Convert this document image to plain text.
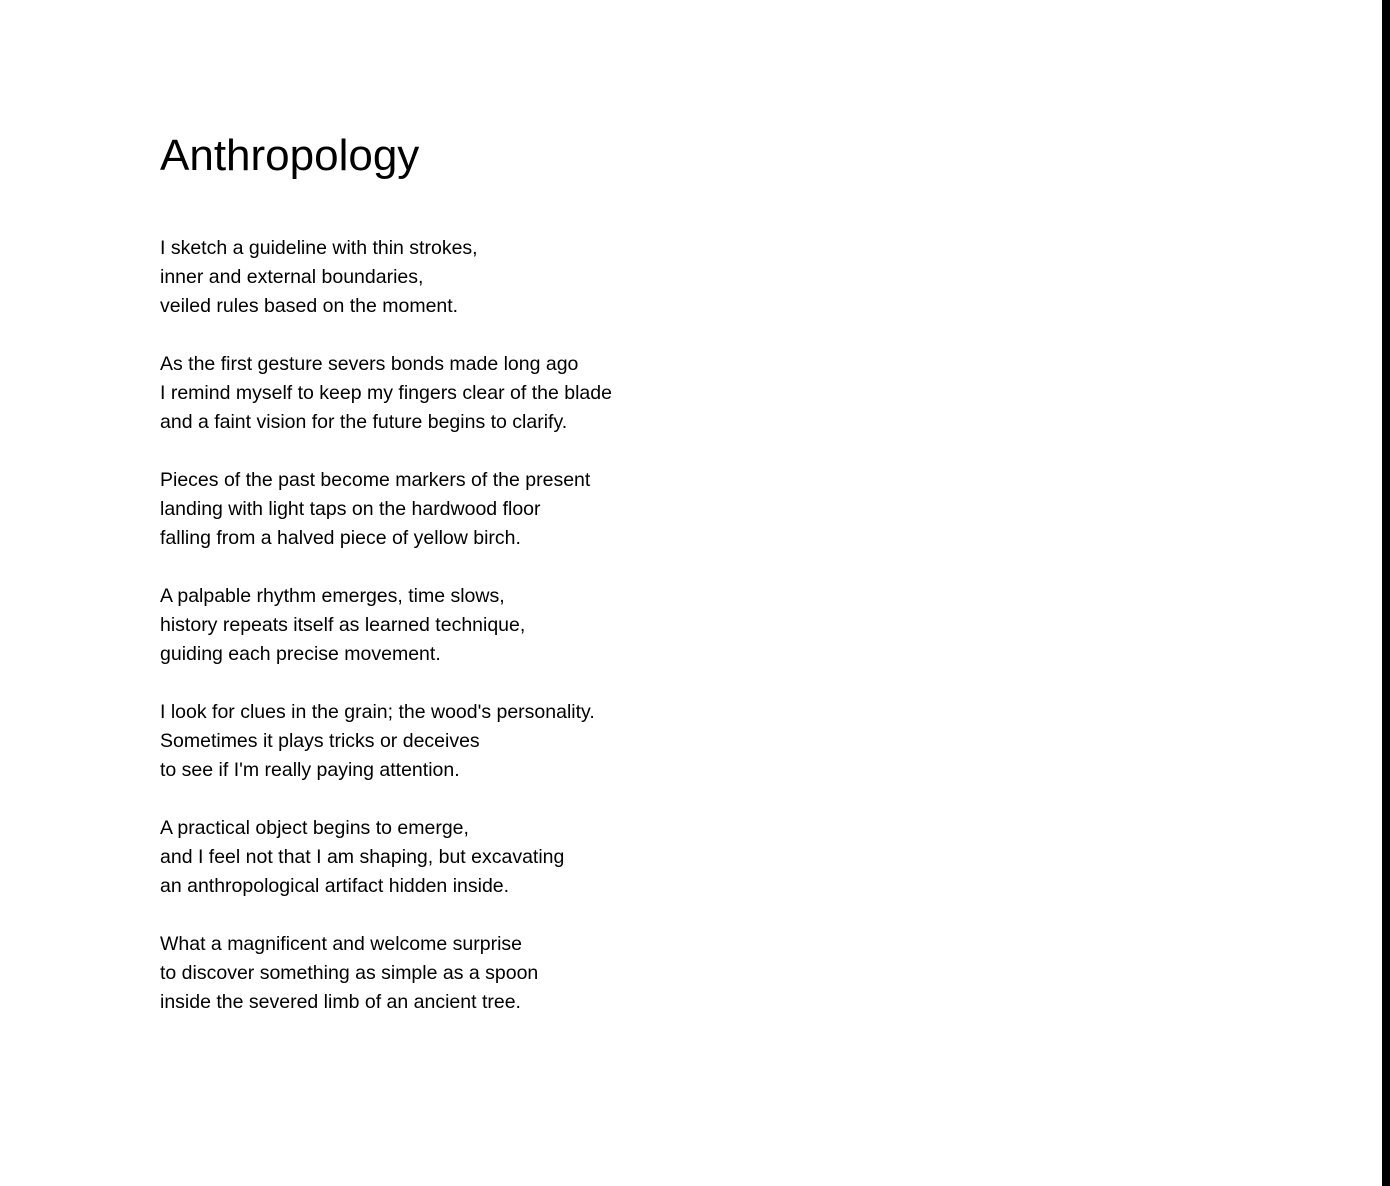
Anthropology

I sketch a guideline with thin strokes,
inner and external boundaries,
veiled rules based on the moment.

As the first gesture severs bonds made long ago
I remind myself to keep my fingers clear of the blade
and a faint vision for the future begins to clarify.

Pieces of the past become markers of the present
landing with light taps on the hardwood floor
falling from a halved piece of yellow birch.

A palpable rhythm emerges, time slows,
history repeats itself as learned technique,
guiding each precise movement.

I look for clues in the grain; the wood's personality.
Sometimes it plays tricks or deceives
to see if I'm really paying attention.

A practical object begins to emerge,
and I feel not that I am shaping, but excavating
an anthropological artifact hidden inside.

What a magnificent and welcome surprise
to discover something as simple as a spoon
inside the severed limb of an ancient tree.
